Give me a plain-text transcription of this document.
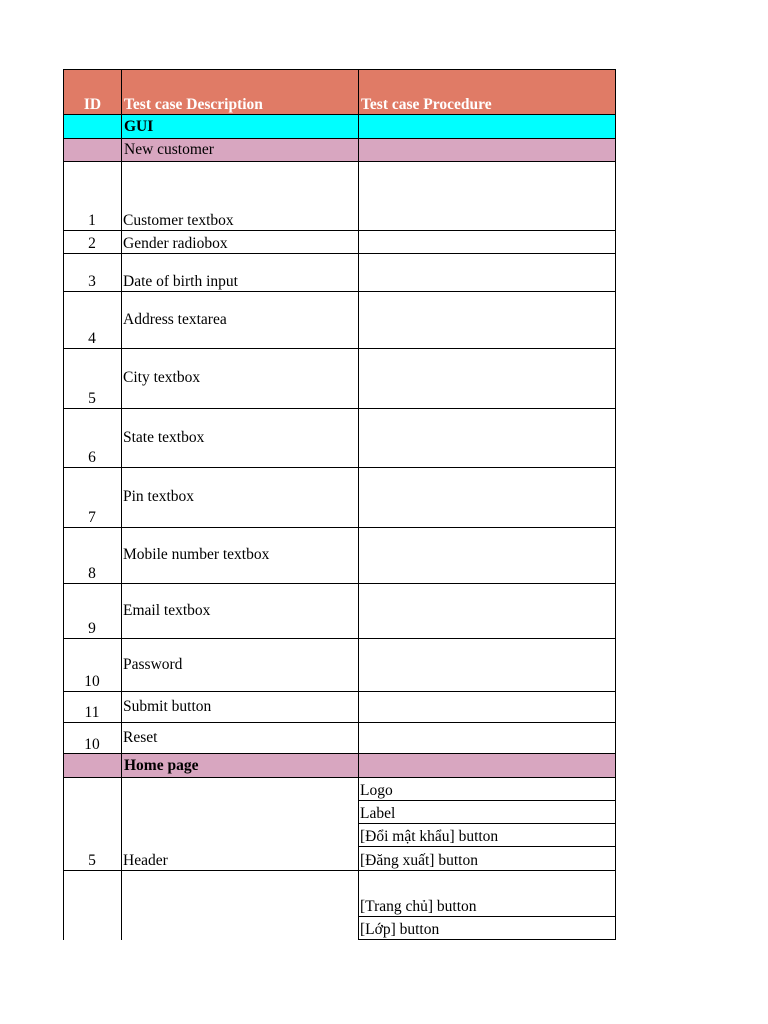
ID Test case Description	Test case Procedure
GUI
New customer
1 Customer textbox
2 Gender radiobox
3 Date of birth input
4
Address textarea
5
City textbox
6
State textbox
7
Pin textbox
8
Mobile number textbox
9
Email textbox
10
Password
11 Submit button
10 Reset
Home page
5 Header
Logo
Label
[Đổi mật khẩu] button
[Đăng xuất] button
[Trang chủ] button
[Lớp] button
